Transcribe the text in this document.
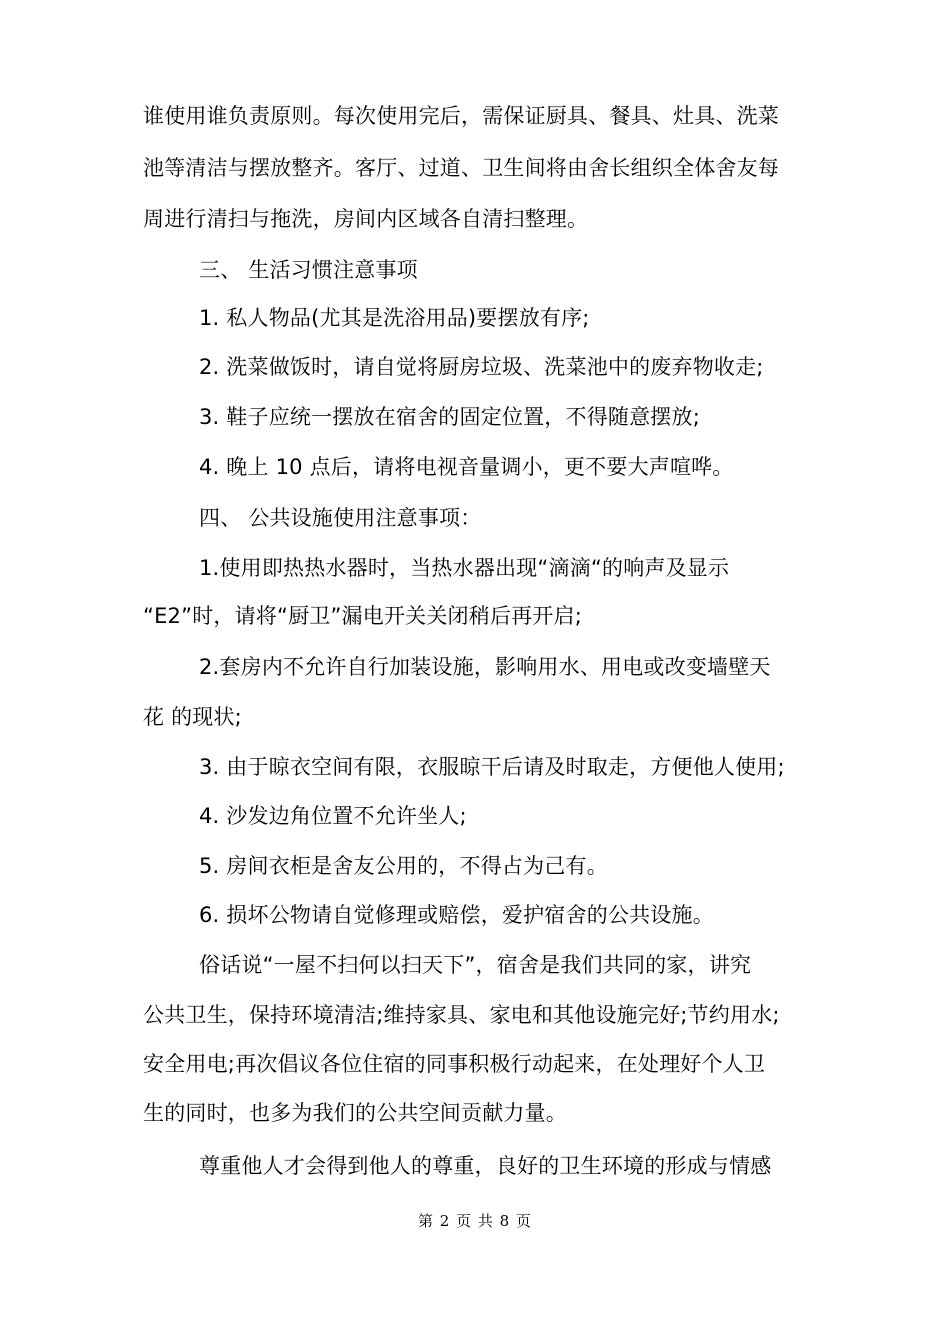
谁使用谁负责原则。每次使用完后，需保证厨具、餐具、灶具、洗菜
池等清洁与摆放整齐。客厅、过道、卫生间将由舍长组织全体舍友每
周进行清扫与拖洗，房间内区域各自清扫整理。
三、 生活习惯注意事项
1. 私人物品(尤其是洗浴用品)要摆放有序;
2. 洗菜做饭时，请自觉将厨房垃圾、洗菜池中的废弃物收走;
3. 鞋子应统一摆放在宿舍的固定位置，不得随意摆放;
4. 晚上 10 点后，请将电视音量调小，更不要大声喧哗。
四、 公共设施使用注意事项：
1.使用即热热水器时，当热水器出现“滴滴“的响声及显示
“E2”时，请将“厨卫”漏电开关关闭稍后再开启;
2.套房内不允许自行加装设施，影响用水、用电或改变墙壁天
花 的现状;
3. 由于晾衣空间有限，衣服晾干后请及时取走，方便他人使用;
4. 沙发边角位置不允许坐人;
5. 房间衣柜是舍友公用的，不得占为己有。
6. 损坏公物请自觉修理或赔偿，爱护宿舍的公共设施。
俗话说“一屋不扫何以扫天下”，宿舍是我们共同的家，讲究
公共卫生，保持环境清洁;维持家具、家电和其他设施完好;节约用水;
安全用电;再次倡议各位住宿的同事积极行动起来，在处理好个人卫
生的同时，也多为我们的公共空间贡献力量。
尊重他人才会得到他人的尊重，良好的卫生环境的形成与情感
第 2 页 共 8 页
